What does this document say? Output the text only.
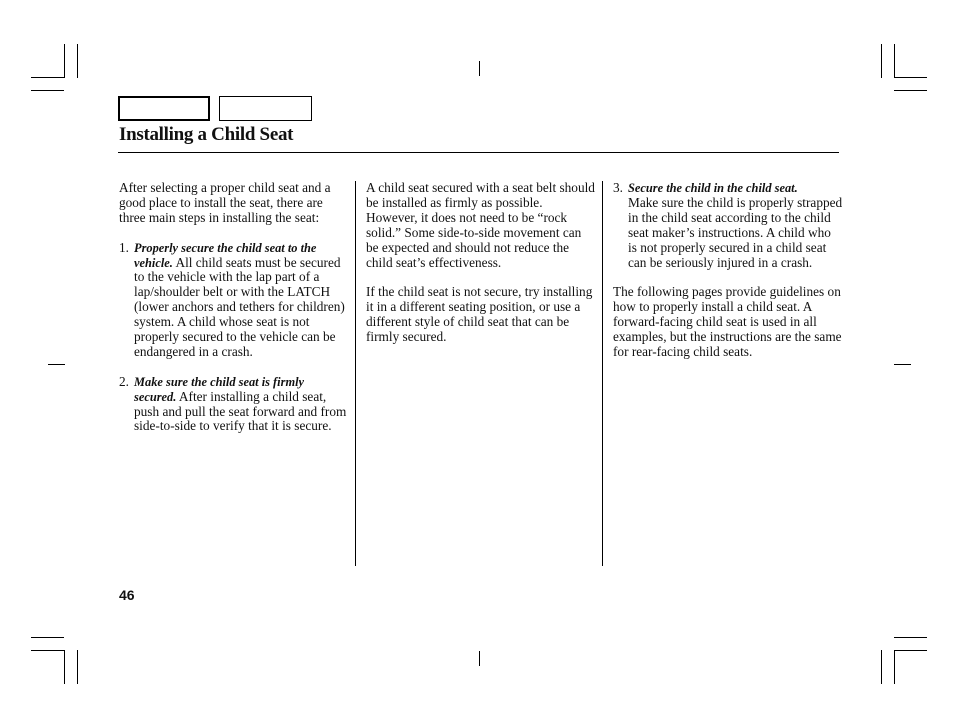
Installing a Child Seat

After selecting a proper child seat and a good place to install the seat, there are three main steps in installing the seat:

1. Properly secure the child seat to the vehicle. All child seats must be secured to the vehicle with the lap part of a lap/shoulder belt or with the LATCH (lower anchors and tethers for children) system. A child whose seat is not properly secured to the vehicle can be endangered in a crash.
2. Make sure the child seat is firmly secured. After installing a child seat, push and pull the seat forward and from side-to-side to verify that it is secure.

A child seat secured with a seat belt should be installed as firmly as possible. However, it does not need to be “rock solid.” Some side-to-side movement can be expected and should not reduce the child seat’s effectiveness.

If the child seat is not secure, try installing it in a different seating position, or use a different style of child seat that can be firmly secured.

3. Secure the child in the child seat.
Make sure the child is properly strapped in the child seat according to the child seat maker’s instructions. A child who is not properly secured in a child seat can be seriously injured in a crash.

The following pages provide guidelines on how to properly install a child seat. A forward-facing child seat is used in all examples, but the instructions are the same for rear-facing child seats.

46
